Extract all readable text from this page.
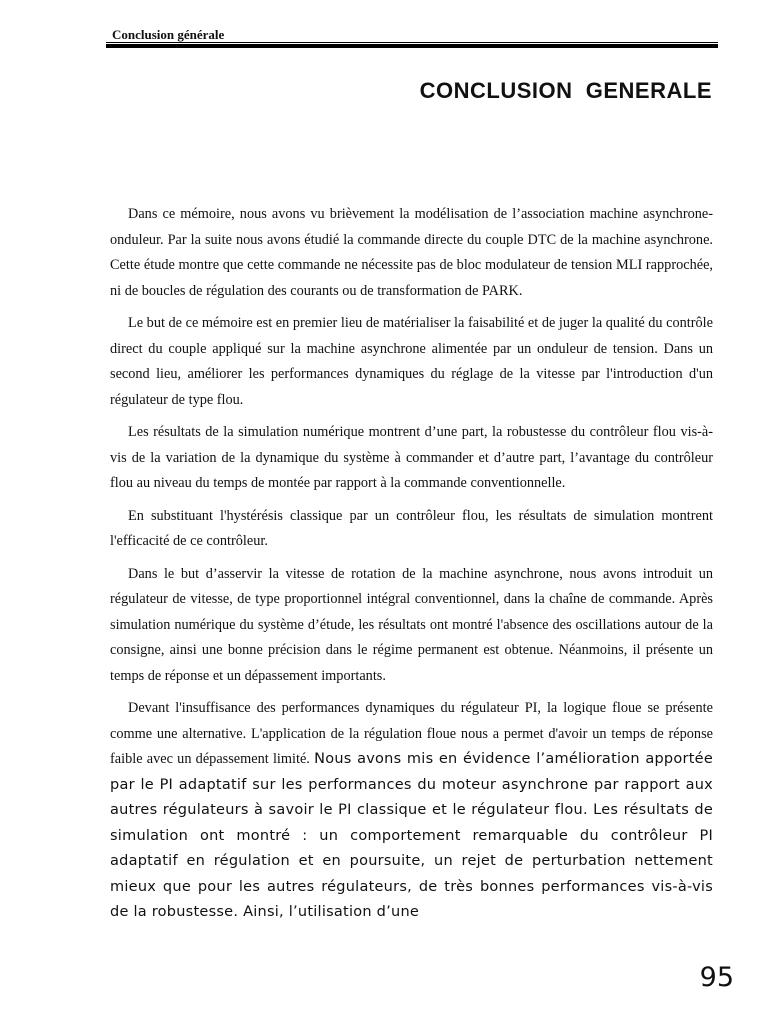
Conclusion générale
CONCLUSION  GENERALE

Dans ce mémoire, nous avons vu brièvement la modélisation de l’association machine asynchrone-onduleur. Par la suite nous avons étudié la commande directe du couple DTC de la machine asynchrone. Cette étude montre que cette commande ne nécessite pas de bloc modulateur de tension MLI rapprochée, ni de boucles de régulation des courants ou de transformation de PARK.

Le but de ce mémoire est en premier lieu de matérialiser la faisabilité et de juger la qualité du contrôle direct du couple appliqué sur la machine asynchrone alimentée par un onduleur de tension. Dans un second lieu, améliorer les performances dynamiques du réglage de la vitesse par l'introduction d'un régulateur de type flou.

Les résultats de la simulation numérique montrent d’une part, la robustesse du contrôleur flou vis-à-vis de la variation de la dynamique du système à commander et d’autre part, l’avantage du contrôleur flou au niveau du temps de montée par rapport à la commande conventionnelle.

En substituant l'hystérésis classique par un contrôleur flou, les résultats de simulation montrent l'efficacité de ce contrôleur.

Dans le but d’asservir la vitesse de rotation de la machine asynchrone, nous avons introduit un régulateur de vitesse, de type proportionnel intégral conventionnel, dans la chaîne de commande. Après simulation numérique du système d’étude, les résultats ont montré l'absence des oscillations autour de la consigne, ainsi une bonne précision dans le régime permanent est obtenue. Néanmoins, il présente un temps de réponse et un dépassement importants.

Devant l'insuffisance des performances dynamiques du régulateur PI, la logique floue se présente comme une alternative. L'application de la régulation floue nous a permet d'avoir un temps de réponse faible avec un dépassement limité. Nous avons mis en évidence l’amélioration apportée par le PI adaptatif sur les performances du moteur asynchrone par rapport aux autres régulateurs à savoir le PI classique et le régulateur flou. Les résultats de simulation ont montré : un comportement remarquable du contrôleur PI adaptatif en régulation et en poursuite, un rejet de perturbation nettement mieux que pour les autres régulateurs, de très bonnes performances vis-à-vis de la robustesse. Ainsi, l’utilisation d’une

95
